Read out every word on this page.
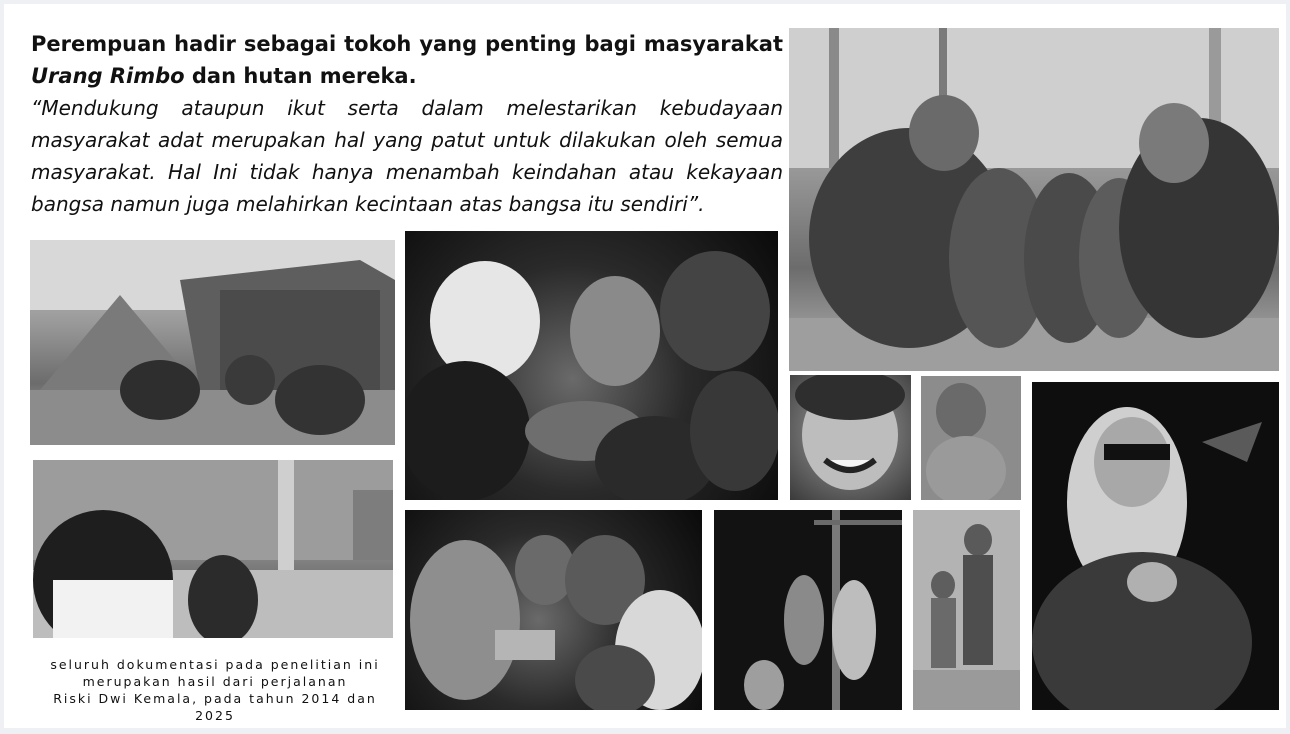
Perempuan hadir sebagai tokoh yang penting bagi masyarakat Urang Rimbo dan hutan mereka.

“Mendukung ataupun ikut serta dalam melestarikan kebudayaan masyarakat adat merupakan hal yang patut untuk dilakukan oleh semua masyarakat. Hal Ini tidak hanya menambah keindahan atau kekayaan bangsa namun juga melahirkan kecintaan atas bangsa itu sendiri”.

seluruh dokumentasi pada penelitian ini
merupakan hasil dari perjalanan
Riski Dwi Kemala, pada tahun 2014 dan
2025
